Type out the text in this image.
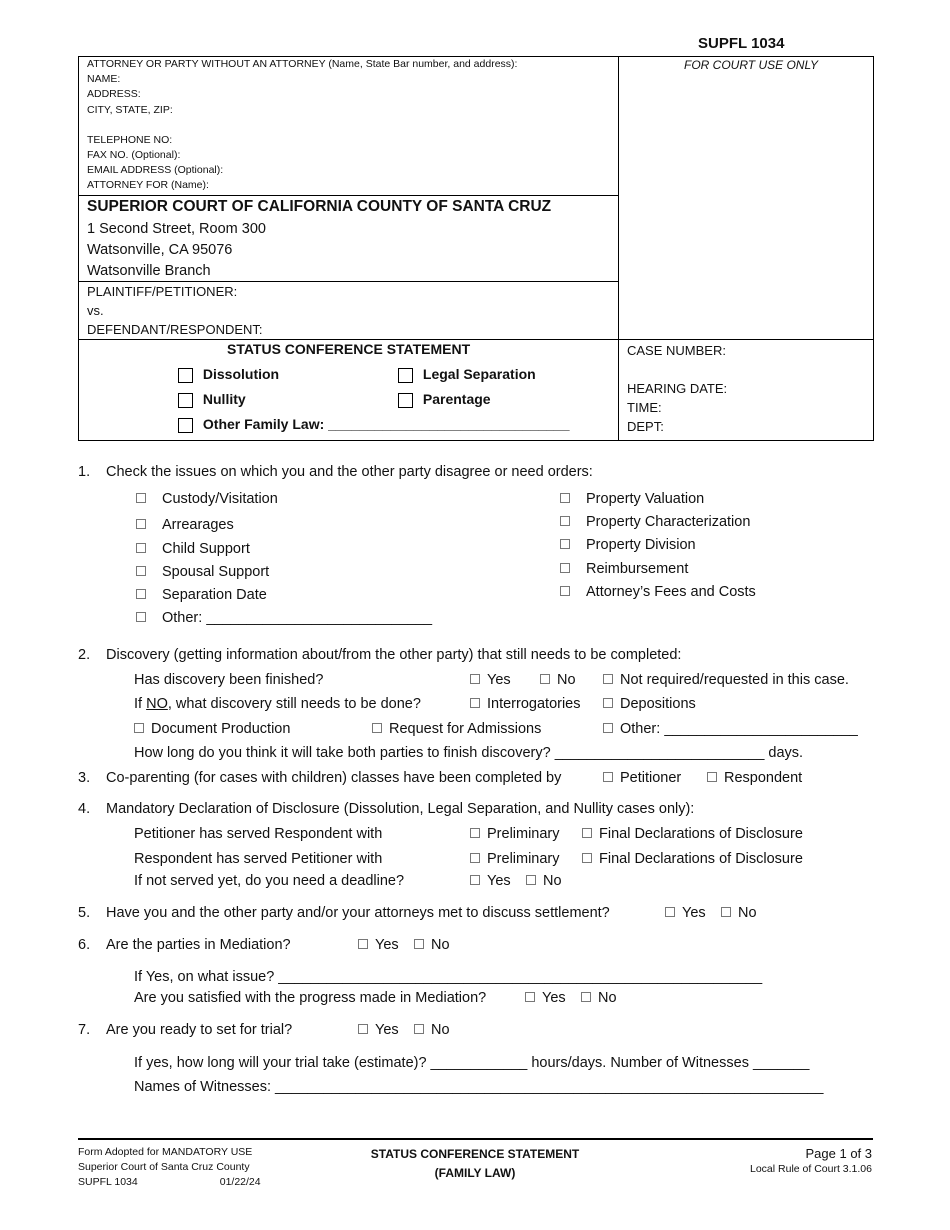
SUPFL 1034
ATTORNEY OR PARTY WITHOUT AN ATTORNEY (Name, State Bar number, and address):
NAME:
ADDRESS:
CITY, STATE, ZIP:
TELEPHONE NO:
FAX NO. (Optional):
EMAIL ADDRESS (Optional):
ATTORNEY FOR (Name):
FOR COURT USE ONLY
SUPERIOR COURT OF CALIFORNIA COUNTY OF SANTA CRUZ
1 Second Street, Room 300
Watsonville, CA 95076
Watsonville Branch
PLAINTIFF/PETITIONER:
vs.
DEFENDANT/RESPONDENT:
STATUS CONFERENCE STATEMENT
Dissolution	Legal Separation
Nullity	Parentage
Other Family Law: _______________________________
CASE NUMBER:
HEARING DATE:
TIME:
DEPT:
1. Check the issues on which you and the other party disagree or need orders:
Custody/Visitation
Arrearages
Child Support
Spousal Support
Separation Date
Other: ____________________________
Property Valuation
Property Characterization
Property Division
Reimbursement
Attorney’s Fees and Costs
2. Discovery (getting information about/from the other party) that still needs to be completed:
Has discovery been finished?	Yes	No	Not required/requested in this case.
If NO, what discovery still needs to be done?	Interrogatories	Depositions
Document Production	Request for Admissions	Other: ________________________
How long do you think it will take both parties to finish discovery? __________________________ days.
3. Co-parenting (for cases with children) classes have been completed by	Petitioner	Respondent
4. Mandatory Declaration of Disclosure (Dissolution, Legal Separation, and Nullity cases only):
Petitioner has served Respondent with	Preliminary	Final Declarations of Disclosure
Respondent has served Petitioner with	Preliminary	Final Declarations of Disclosure
If not served yet, do you need a deadline?	Yes	No
5. Have you and the other party and/or your attorneys met to discuss settlement?	Yes	No
6. Are the parties in Mediation?	Yes	No
If Yes, on what issue? ____________________________________________________________
Are you satisfied with the progress made in Mediation?	Yes	No
7. Are you ready to set for trial?	Yes	No
If yes, how long will your trial take (estimate)? ____________ hours/days. Number of Witnesses _______
Names of Witnesses: ____________________________________________________________________
Form Adopted for MANDATORY USE
Superior Court of Santa Cruz County
SUPFL 1034	01/22/24
STATUS CONFERENCE STATEMENT
(FAMILY LAW)
Page 1 of 3
Local Rule of Court 3.1.06
